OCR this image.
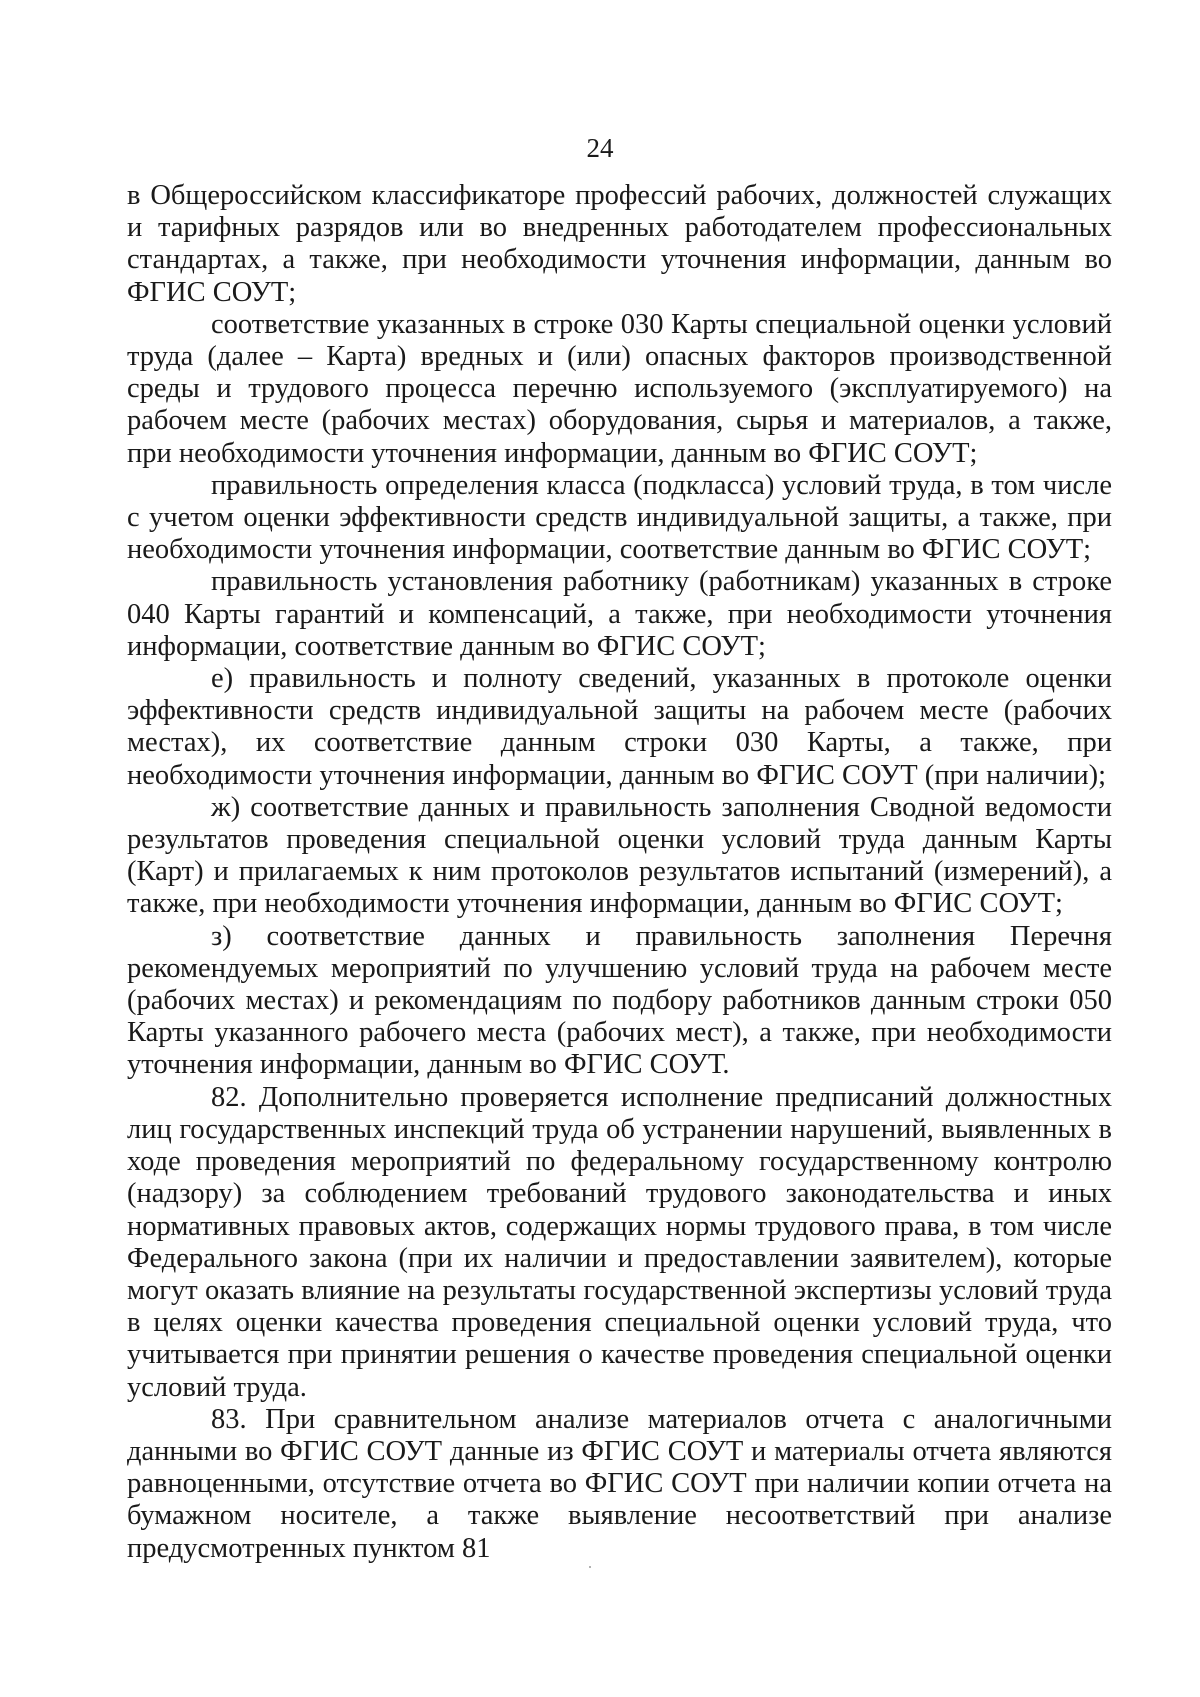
24

в Общероссийском классификаторе профессий рабочих, должностей служащих и тарифных разрядов или во внедренных работодателем профессиональных стандартах, а также, при необходимости уточнения информации, данным во ФГИС СОУТ;

соответствие указанных в строке 030 Карты специальной оценки условий труда (далее – Карта) вредных и (или) опасных факторов производственной среды и трудового процесса перечню используемого (эксплуатируемого) на рабочем месте (рабочих местах) оборудования, сырья и материалов, а также, при необходимости уточнения информации, данным во ФГИС СОУТ;

правильность определения класса (подкласса) условий труда, в том числе с учетом оценки эффективности средств индивидуальной защиты, а также, при необходимости уточнения информации, соответствие данным во ФГИС СОУТ;

правильность установления работнику (работникам) указанных в строке 040 Карты гарантий и компенсаций, а также, при необходимости уточнения информации, соответствие данным во ФГИС СОУТ;

е) правильность и полноту сведений, указанных в протоколе оценки эффективности средств индивидуальной защиты на рабочем месте (рабочих местах), их соответствие данным строки 030 Карты, а также, при необходимости уточнения информации, данным во ФГИС СОУТ (при наличии);

ж) соответствие данных и правильность заполнения Сводной ведомости результатов проведения специальной оценки условий труда данным Карты (Карт) и прилагаемых к ним протоколов результатов испытаний (измерений), а также, при необходимости уточнения информации, данным во ФГИС СОУТ;

з) соответствие данных и правильность заполнения Перечня рекомендуемых мероприятий по улучшению условий труда на рабочем месте (рабочих местах) и рекомендациям по подбору работников данным строки 050 Карты указанного рабочего места (рабочих мест), а также, при необходимости уточнения информации, данным во ФГИС СОУТ.

82. Дополнительно проверяется исполнение предписаний должностных лиц государственных инспекций труда об устранении нарушений, выявленных в ходе проведения мероприятий по федеральному государственному контролю (надзору) за соблюдением требований трудового законодательства и иных нормативных правовых актов, содержащих нормы трудового права, в том числе Федерального закона (при их наличии и предоставлении заявителем), которые могут оказать влияние на результаты государственной экспертизы условий труда в целях оценки качества проведения специальной оценки условий труда, что учитывается при принятии решения о качестве проведения специальной оценки условий труда.

83. При сравнительном анализе материалов отчета с аналогичными данными во ФГИС СОУТ данные из ФГИС СОУТ и материалы отчета являются равноценными, отсутствие отчета во ФГИС СОУТ при наличии копии отчета на бумажном носителе, а также выявление несоответствий при анализе предусмотренных пунктом 81
